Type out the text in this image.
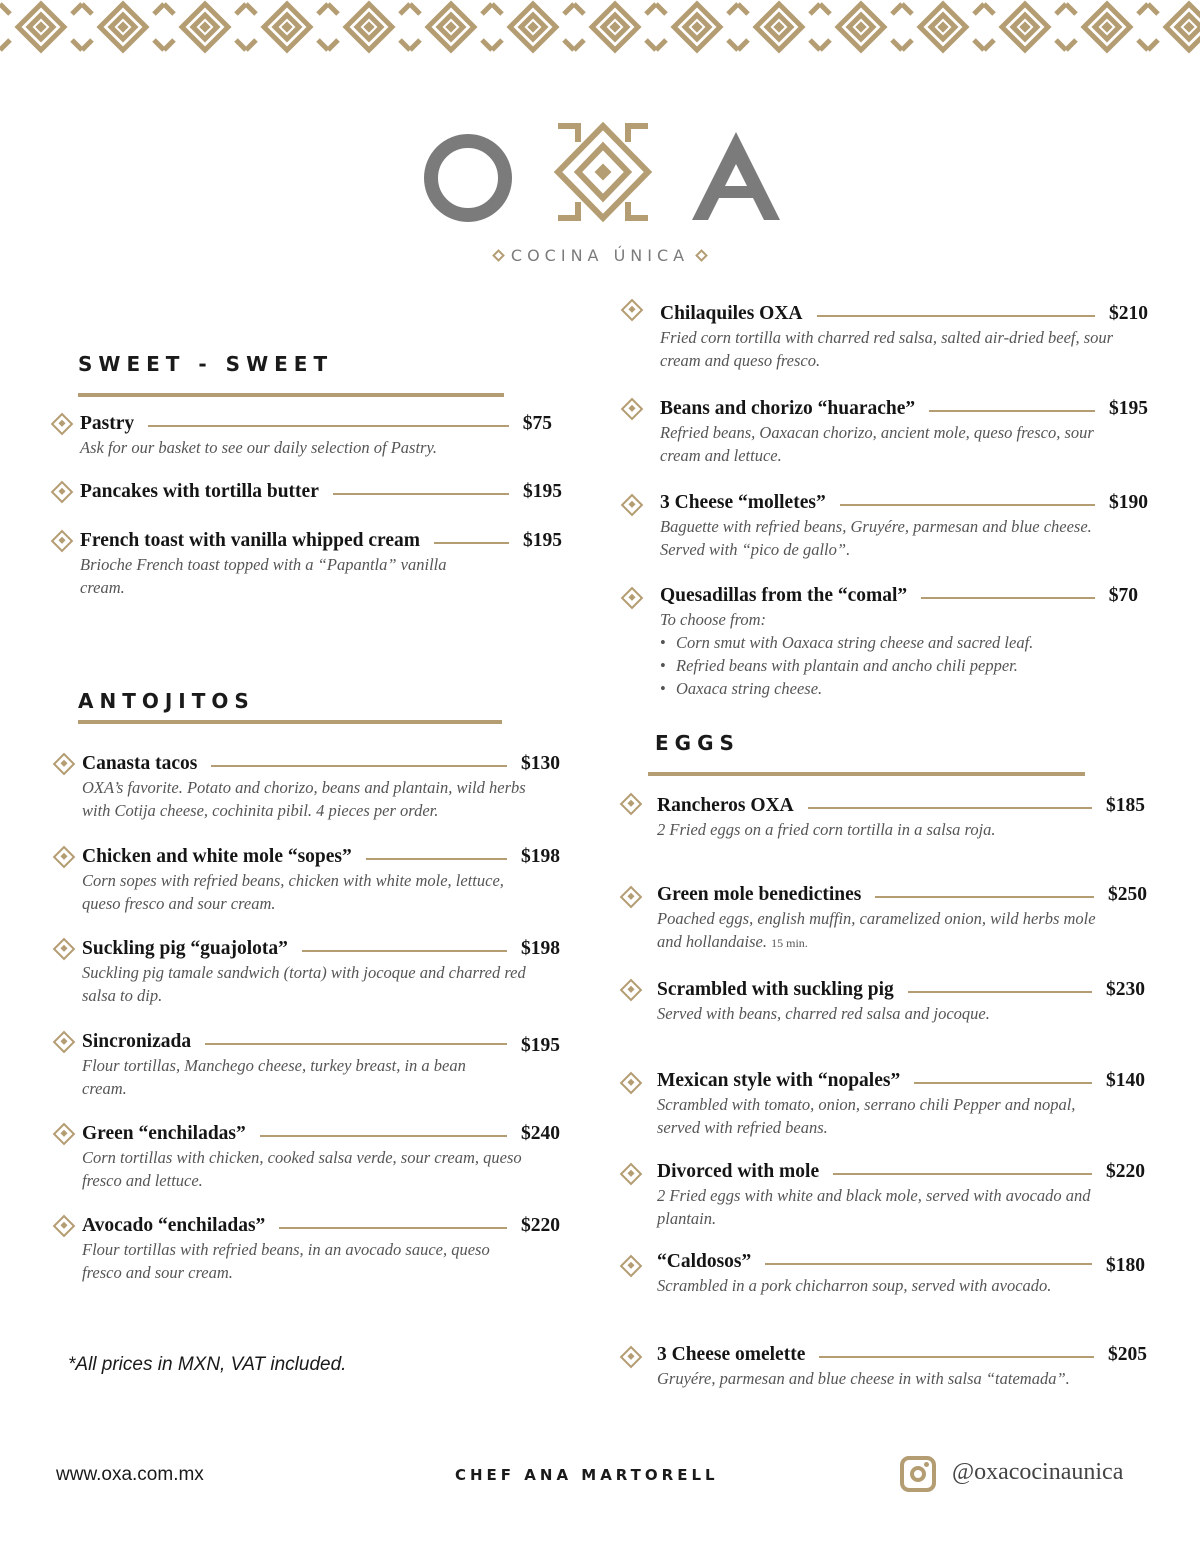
COCINA ÚNICA
SWEET - SWEET
Pastry	$75
Ask for our basket to see our daily selection of Pastry.
Pancakes with tortilla butter	$195
French toast with vanilla whipped cream	$195
Brioche French toast topped with a “Papantla” vanilla cream.
ANTOJITOS
Canasta tacos	$130
OXA’s favorite. Potato and chorizo, beans and plantain, wild herbs with Cotija cheese, cochinita pibil. 4 pieces per order.
Chicken and white mole “sopes”	$198
Corn sopes with refried beans, chicken with white mole, lettuce, queso fresco and sour cream.
Suckling pig “guajolota”	$198
Suckling pig tamale sandwich (torta) with jocoque and charred red salsa to dip.
Sincronizada	$195
Flour tortillas, Manchego cheese, turkey breast, in a bean cream.
Green “enchiladas”	$240
Corn tortillas with chicken, cooked salsa verde, sour cream, queso fresco and lettuce.
Avocado “enchiladas”	$220
Flour tortillas with refried beans, in an avocado sauce, queso fresco and sour cream.
Chilaquiles OXA	$210
Fried corn tortilla with charred red salsa, salted air-dried beef, sour cream and queso fresco.
Beans and chorizo “huarache”	$195
Refried beans, Oaxacan chorizo, ancient mole, queso fresco, sour cream and lettuce.
3 Cheese “molletes”	$190
Baguette with refried beans, Gruyére, parmesan and blue cheese. Served with “pico de gallo”.
Quesadillas from the “comal”	$70
To choose from:
• Corn smut with Oaxaca string cheese and sacred leaf.
• Refried beans with plantain and ancho chili pepper.
• Oaxaca string cheese.
EGGS
Rancheros OXA	$185
2 Fried eggs on a fried corn tortilla in a salsa roja.
Green mole benedictines	$250
Poached eggs, english muffin, caramelized onion, wild herbs mole and hollandaise. 15 min.
Scrambled with suckling pig	$230
Served with beans, charred red salsa and jocoque.
Mexican style with “nopales”	$140
Scrambled with tomato, onion, serrano chili Pepper and nopal, served with refried beans.
Divorced with mole	$220
2 Fried eggs with white and black mole, served with avocado and plantain.
“Caldosos”	$180
Scrambled in a pork chicharron soup, served with avocado.
3 Cheese omelette	$205
Gruyére, parmesan and blue cheese in with salsa “tatemada”.
*All prices in MXN, VAT included.
www.oxa.com.mx	CHEF ANA MARTORELL	@oxacocinaunica
